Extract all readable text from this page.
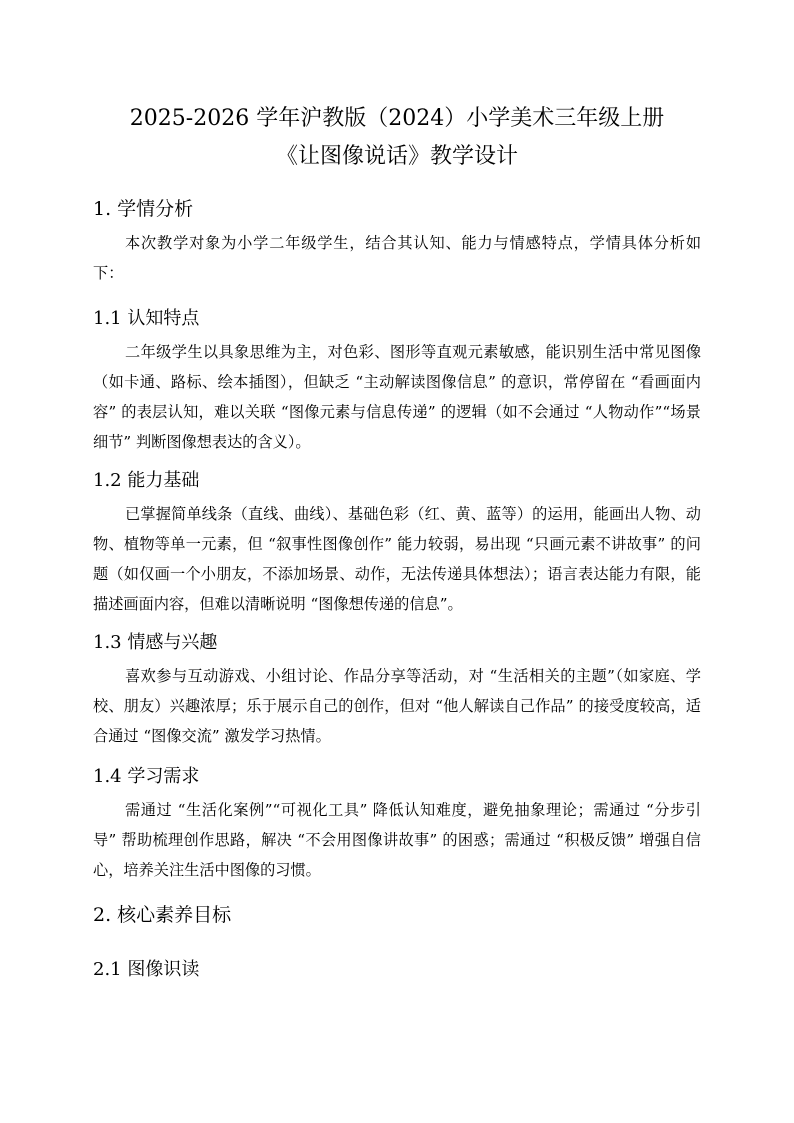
2025-2026 学年沪教版（2024）小学美术三年级上册
《让图像说话》教学设计
1. 学情分析
本次教学对象为小学二年级学生，结合其认知、能力与情感特点，学情具体分析如下：
1.1 认知特点
二年级学生以具象思维为主，对色彩、图形等直观元素敏感，能识别生活中常见图像（如卡通、路标、绘本插图），但缺乏 “主动解读图像信息” 的意识，常停留在 “看画面内容” 的表层认知，难以关联 “图像元素与信息传递” 的逻辑（如不会通过 “人物动作”“场景细节” 判断图像想表达的含义）。
1.2 能力基础
已掌握简单线条（直线、曲线）、基础色彩（红、黄、蓝等）的运用，能画出人物、动物、植物等单一元素，但 “叙事性图像创作” 能力较弱，易出现 “只画元素不讲故事” 的问题（如仅画一个小朋友，不添加场景、动作，无法传递具体想法）；语言表达能力有限，能描述画面内容，但难以清晰说明 “图像想传递的信息”。
1.3 情感与兴趣
喜欢参与互动游戏、小组讨论、作品分享等活动，对 “生活相关的主题”（如家庭、学校、朋友）兴趣浓厚；乐于展示自己的创作，但对 “他人解读自己作品” 的接受度较高，适合通过 “图像交流” 激发学习热情。
1.4 学习需求
需通过 “生活化案例”“可视化工具” 降低认知难度，避免抽象理论；需通过 “分步引导” 帮助梳理创作思路，解决 “不会用图像讲故事” 的困惑；需通过 “积极反馈” 增强自信心，培养关注生活中图像的习惯。
2. 核心素养目标
2.1 图像识读
